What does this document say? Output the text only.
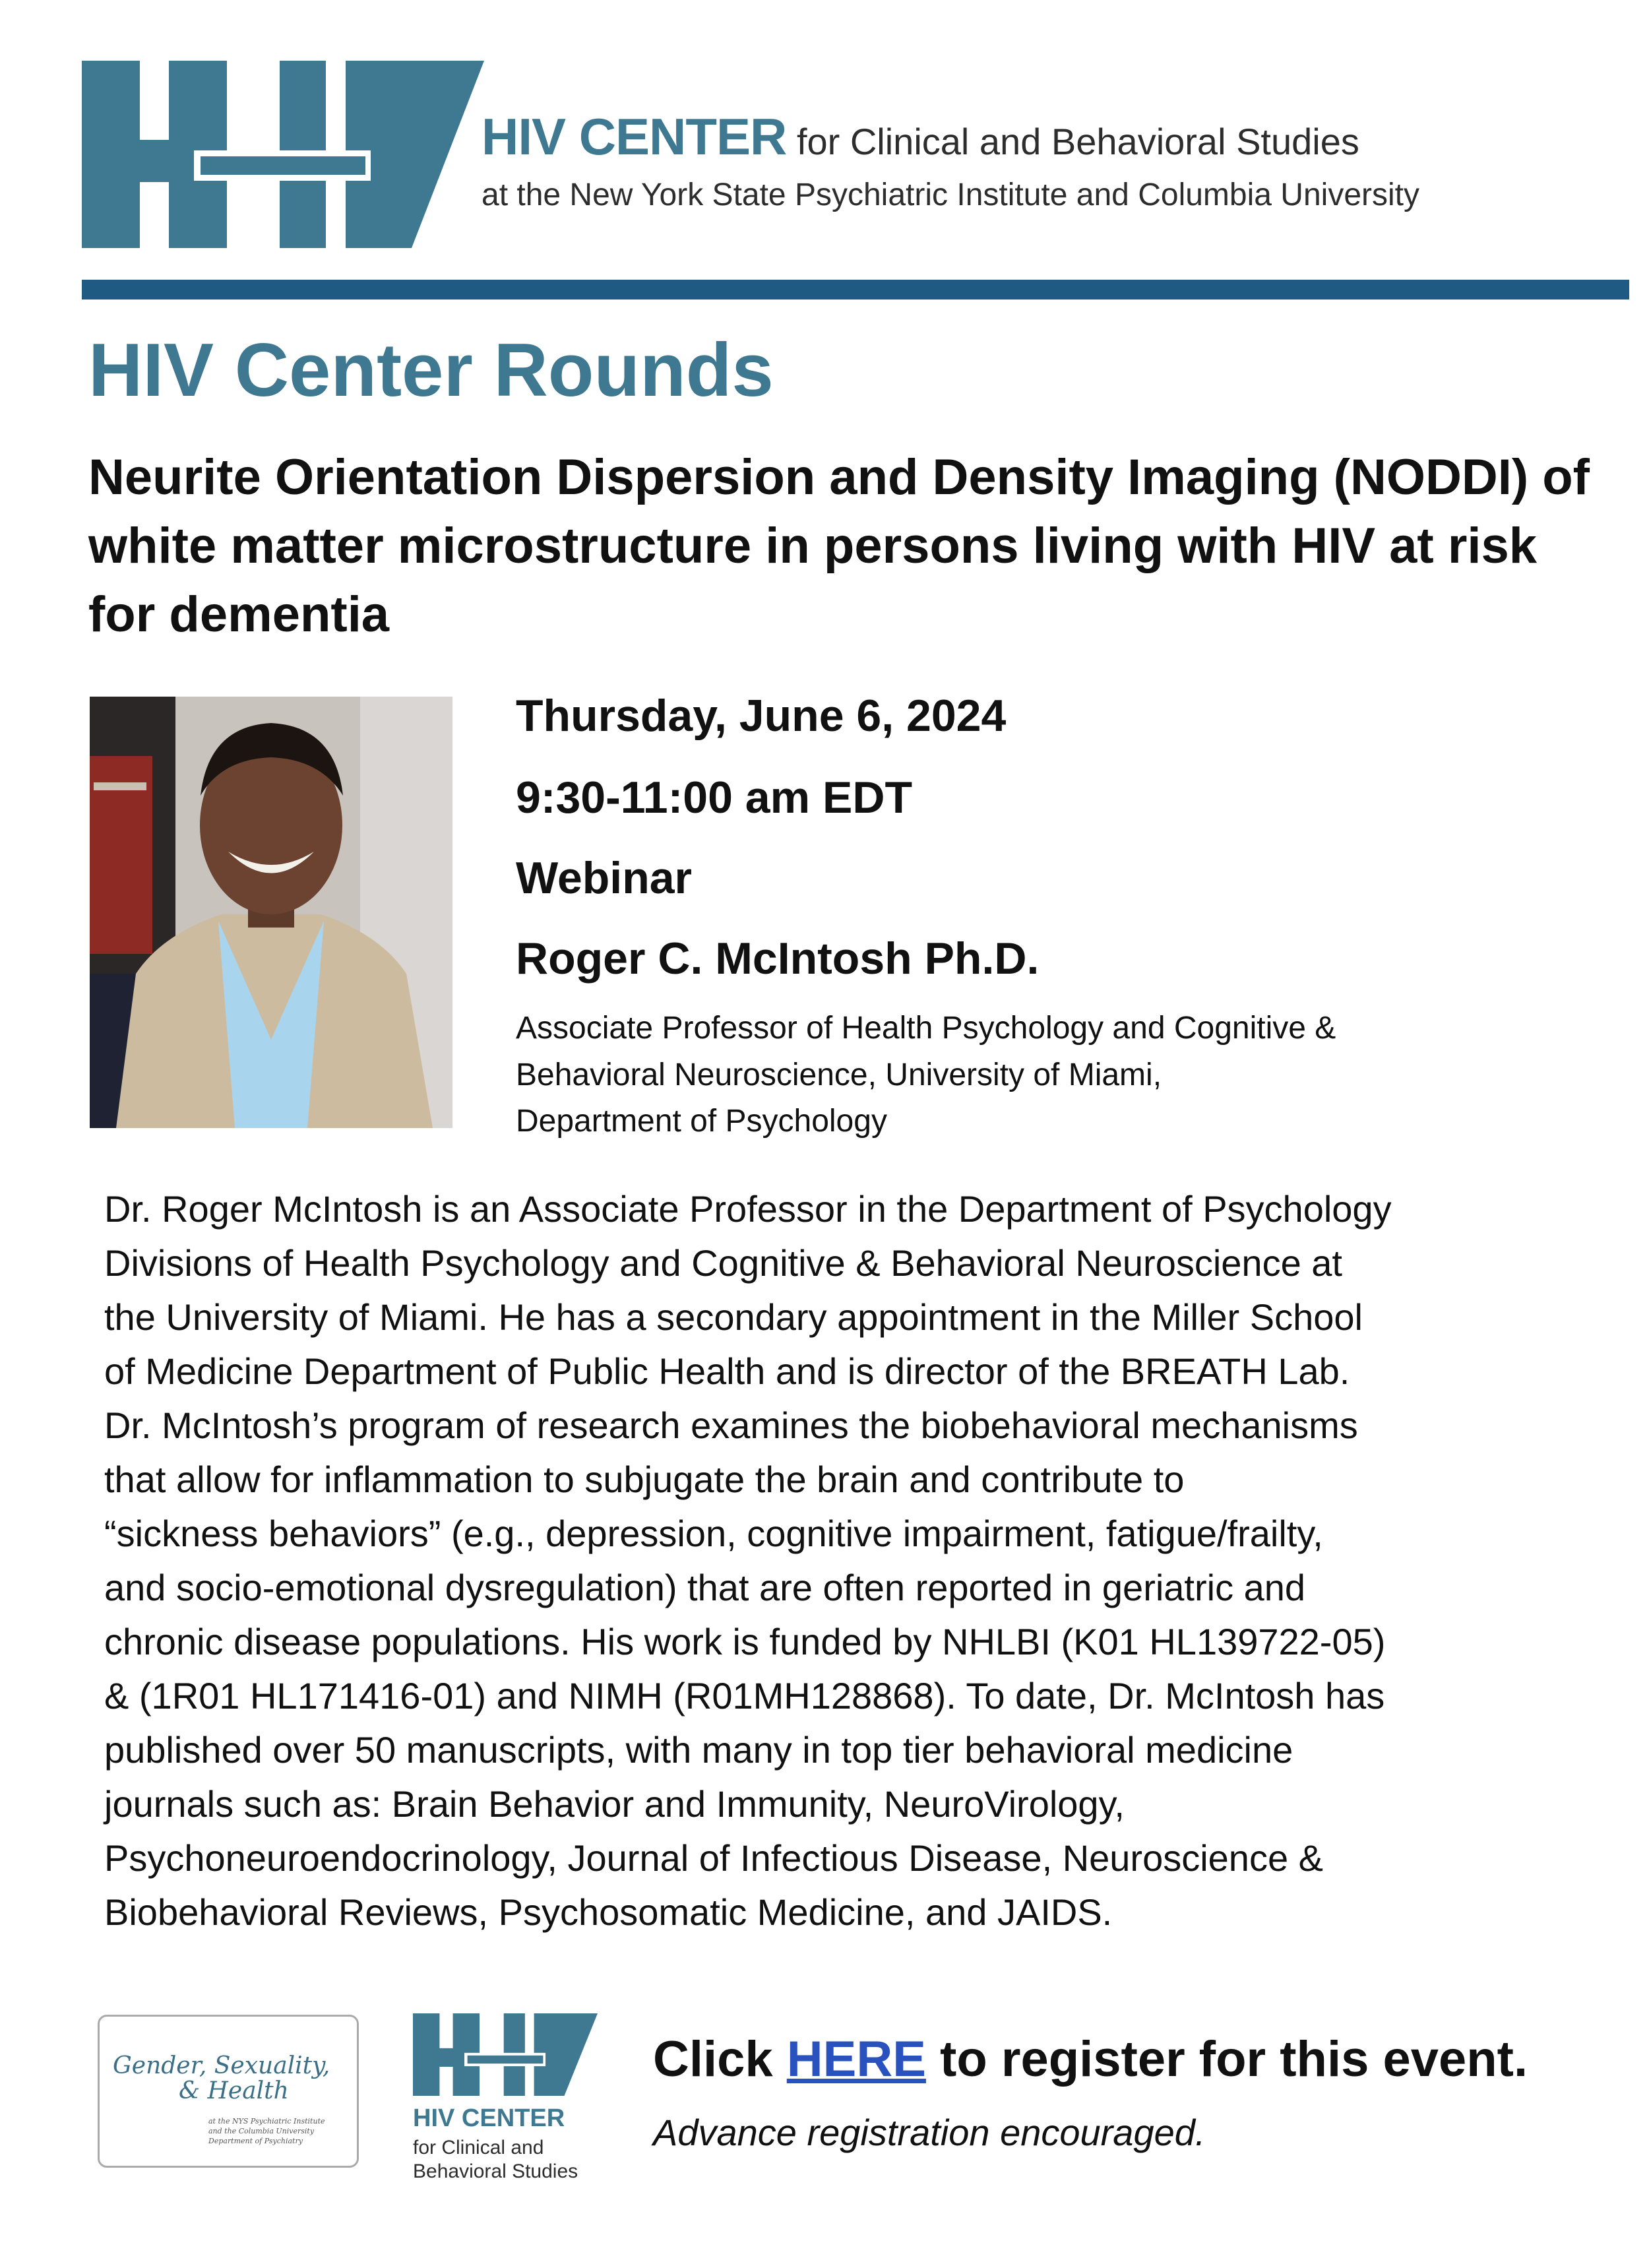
HIV CENTER for Clinical and Behavioral Studies
at the New York State Psychiatric Institute and Columbia University
HIV Center Rounds
Neurite Orientation Dispersion and Density Imaging (NODDI) of white matter microstructure in persons living with HIV at risk for dementia
Thursday, June 6, 2024
9:30-11:00 am EDT
Webinar
Roger C. McIntosh Ph.D.
Associate Professor of Health Psychology and Cognitive &
Behavioral Neuroscience, University of Miami,
Department of Psychology
Dr. Roger McIntosh is an Associate Professor in the Department of Psychology
Divisions of Health Psychology and Cognitive & Behavioral Neuroscience at
the University of Miami. He has a secondary appointment in the Miller School
of Medicine Department of Public Health and is director of the BREATH Lab.
Dr. McIntosh’s program of research examines the biobehavioral mechanisms
that allow for inflammation to subjugate the brain and contribute to
“sickness behaviors” (e.g., depression, cognitive impairment, fatigue/frailty,
and socio-emotional dysregulation) that are often reported in geriatric and
chronic disease populations. His work is funded by NHLBI (K01 HL139722-05)
& (1R01 HL171416-01) and NIMH (R01MH128868). To date, Dr. McIntosh has
published over 50 manuscripts, with many in top tier behavioral medicine
journals such as: Brain Behavior and Immunity, NeuroVirology,
Psychoneuroendocrinology, Journal of Infectious Disease, Neuroscience &
Biobehavioral Reviews, Psychosomatic Medicine, and JAIDS.
Gender, Sexuality,
& Health
at the NYS Psychiatric Institute
and the Columbia University
Department of Psychiatry
HIV CENTER
for Clinical and
Behavioral Studies
Click HERE to register for this event.
Advance registration encouraged.
